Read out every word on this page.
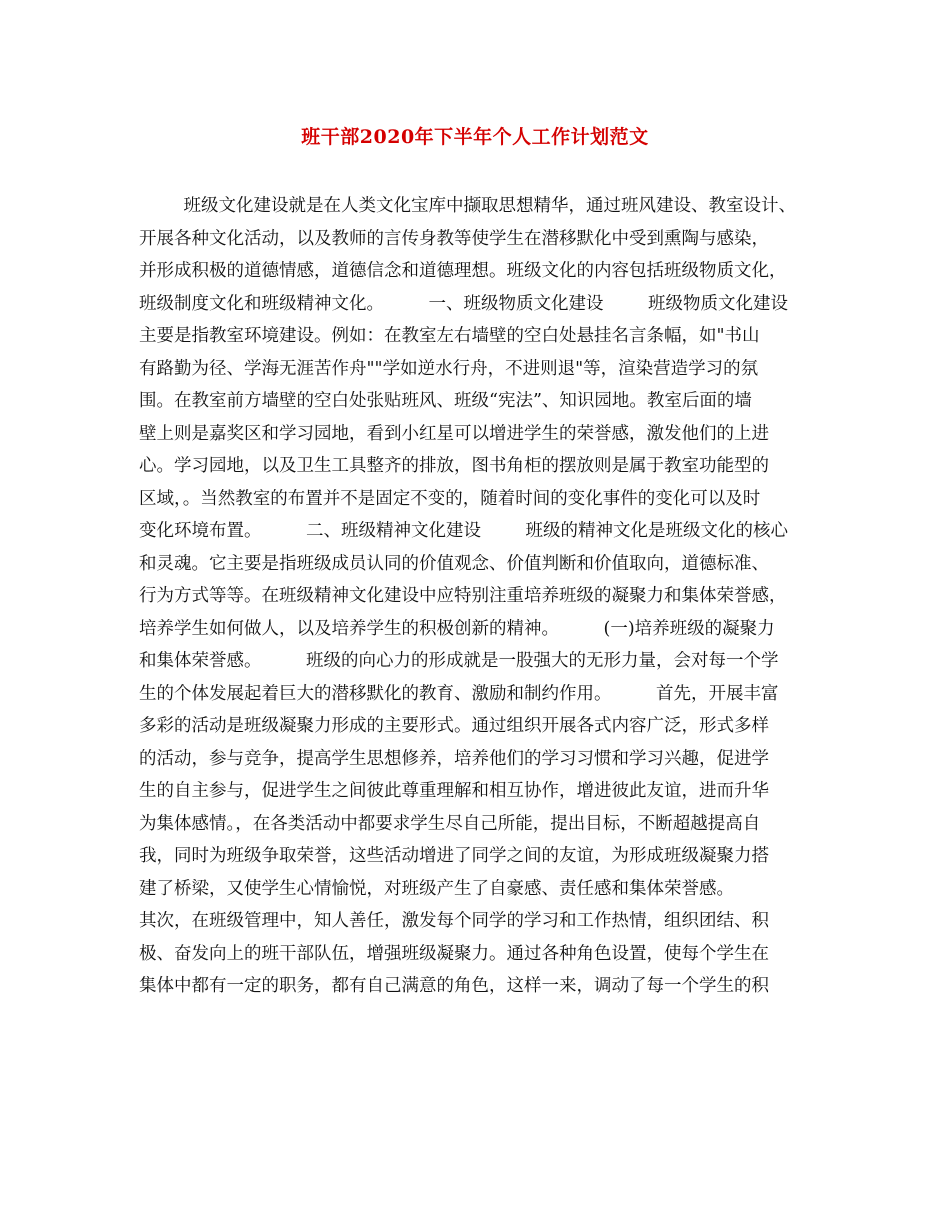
班干部2020年下半年个人工作计划范文
班级文化建设就是在人类文化宝库中撷取思想精华，通过班风建设、教室设计、
开展各种文化活动，以及教师的言传身教等使学生在潜移默化中受到熏陶与感染，
并形成积极的道德情感，道德信念和道德理想。班级文化的内容包括班级物质文化，
班级制度文化和班级精神文化。        一、班级物质文化建设        班级物质文化建设
主要是指教室环境建设。例如：在教室左右墙壁的空白处悬挂名言条幅，如"书山
有路勤为径、学海无涯苦作舟""学如逆水行舟，不进则退"等，渲染营造学习的氛
围。在教室前方墙壁的空白处张贴班风、班级“宪法”、知识园地。教室后面的墙
壁上则是嘉奖区和学习园地，看到小红星可以增进学生的荣誉感，激发他们的上进
心。学习园地，以及卫生工具整齐的排放，图书角柜的摆放则是属于教室功能型的
区域，。当然教室的布置并不是固定不变的，随着时间的变化事件的变化可以及时
变化环境布置。        二、班级精神文化建设        班级的精神文化是班级文化的核心
和灵魂。它主要是指班级成员认同的价值观念、价值判断和价值取向，道德标准、
行为方式等等。在班级精神文化建设中应特别注重培养班级的凝聚力和集体荣誉感，
培养学生如何做人，以及培养学生的积极创新的精神。        (一)培养班级的凝聚力
和集体荣誉感。        班级的向心力的形成就是一股强大的无形力量，会对每一个学
生的个体发展起着巨大的潜移默化的教育、激励和制约作用。        首先，开展丰富
多彩的活动是班级凝聚力形成的主要形式。通过组织开展各式内容广泛，形式多样
的活动，参与竞争，提高学生思想修养，培养他们的学习习惯和学习兴趣，促进学
生的自主参与，促进学生之间彼此尊重理解和相互协作，增进彼此友谊，进而升华
为集体感情。，在各类活动中都要求学生尽自己所能，提出目标，不断超越提高自
我，同时为班级争取荣誉，这些活动增进了同学之间的友谊，为形成班级凝聚力搭
建了桥梁，又使学生心情愉悦，对班级产生了自豪感、责任感和集体荣誉感。
其次，在班级管理中，知人善任，激发每个同学的学习和工作热情，组织团结、积
极、奋发向上的班干部队伍，增强班级凝聚力。通过各种角色设置，使每个学生在
集体中都有一定的职务，都有自己满意的角色，这样一来，调动了每一个学生的积
